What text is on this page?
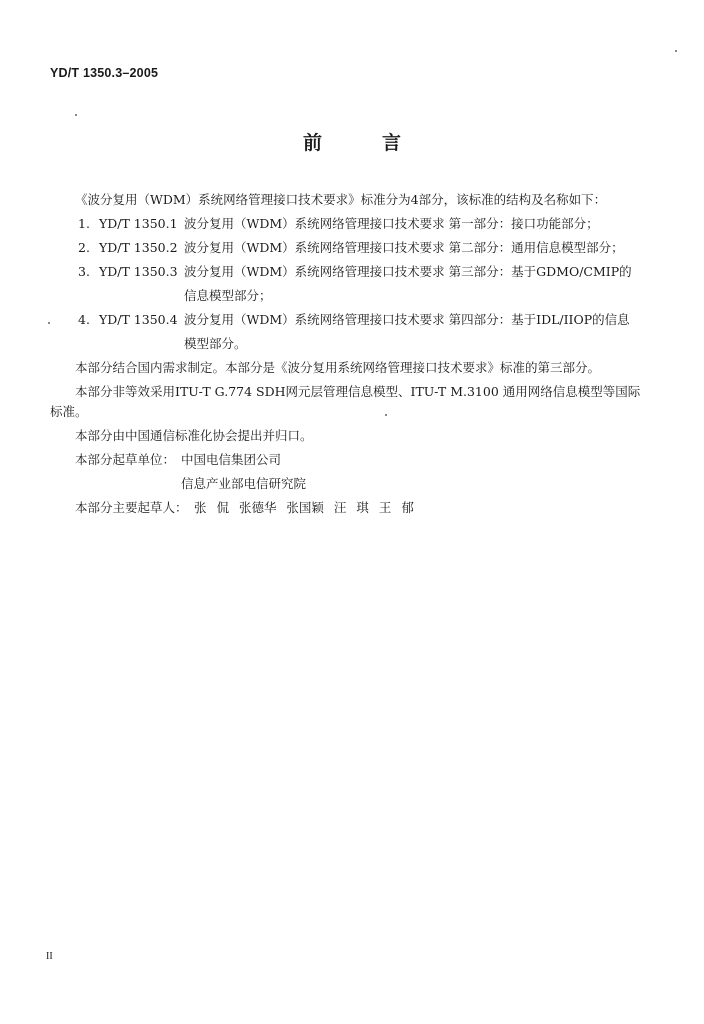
YD/T 1350.3–2005
前言
《波分复用（WDM）系统网络管理接口技术要求》标准分为4部分，该标准的结构及名称如下：
1. YD/T 1350.1 波分复用（WDM）系统网络管理接口技术要求 第一部分：接口功能部分；
2. YD/T 1350.2 波分复用（WDM）系统网络管理接口技术要求 第二部分：通用信息模型部分；
3. YD/T 1350.3 波分复用（WDM）系统网络管理接口技术要求 第三部分：基于GDMO/CMIP的
信息模型部分；
4. YD/T 1350.4 波分复用（WDM）系统网络管理接口技术要求 第四部分：基于IDL/IIOP的信息
模型部分。
本部分结合国内需求制定。本部分是《波分复用系统网络管理接口技术要求》标准的第三部分。
本部分非等效采用ITU-T G.774 SDH网元层管理信息模型、ITU-T M.3100 通用网络信息模型等国际
标准。
本部分由中国通信标准化协会提出并归口。
本部分起草单位： 中国电信集团公司
信息产业部电信研究院
本部分主要起草人： 张 侃 张德华 张国颖 汪 琪 王 郁
II
